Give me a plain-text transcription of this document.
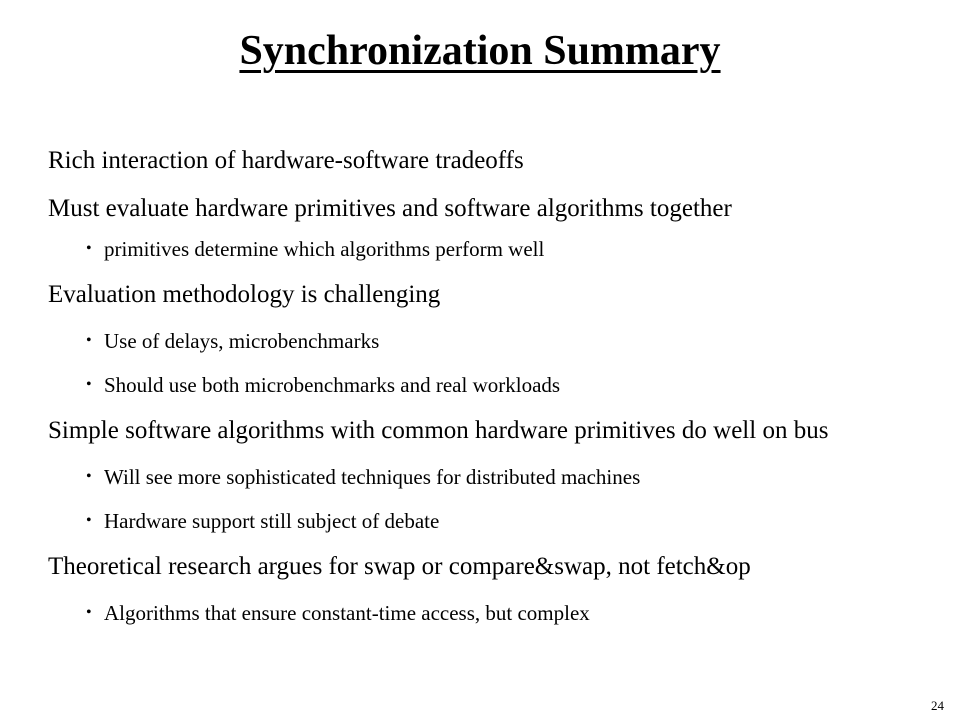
Synchronization Summary

Rich interaction of hardware-software tradeoffs

Must evaluate hardware primitives and software algorithms together

• primitives determine which algorithms perform well

Evaluation methodology is challenging

• Use of delays, microbenchmarks
• Should use both microbenchmarks and real workloads

Simple software algorithms with common hardware primitives do well on bus

• Will see more sophisticated techniques for distributed machines
• Hardware support still subject of debate

Theoretical research argues for swap or compare&swap, not fetch&op

• Algorithms that ensure constant-time access, but complex
24
